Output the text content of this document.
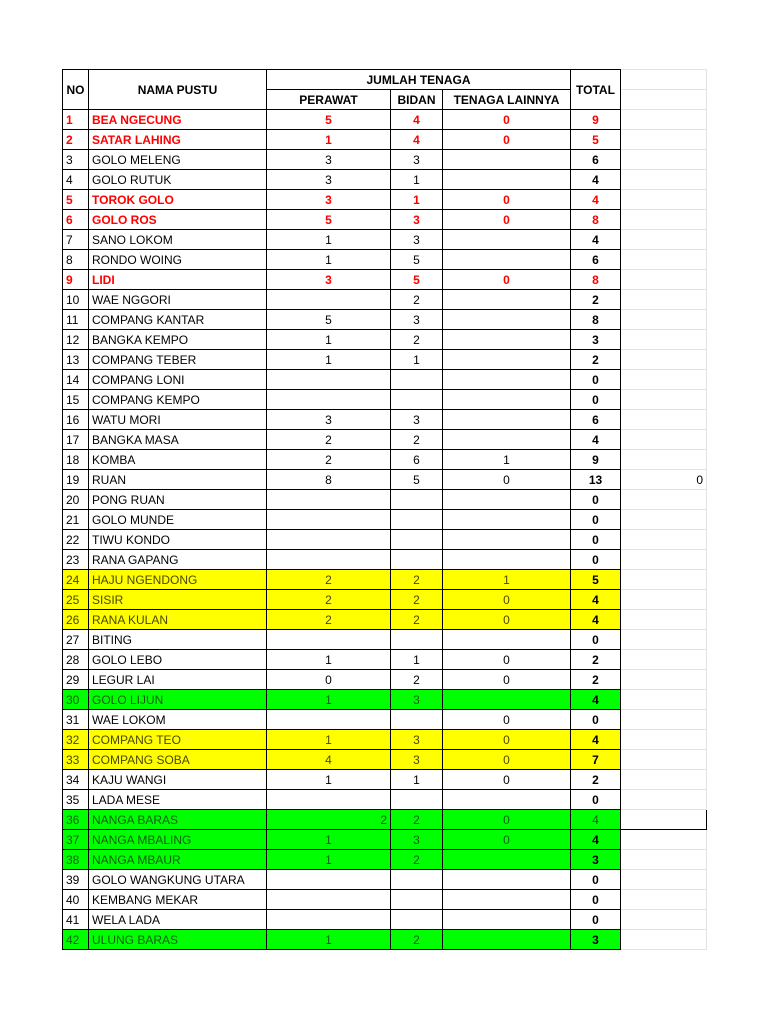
NO	NAMA PUSTU	JUMLAH TENAGA			TOTAL	
		PERAWAT	BIDAN	TENAGA LAINNYA		
1	BEA NGECUNG	5	4	0	9	
2	SATAR LAHING	1	4	0	5	
3	GOLO MELENG	3	3		6	
4	GOLO RUTUK	3	1		4	
5	TOROK GOLO	3	1	0	4	
6	GOLO ROS	5	3	0	8	
7	SANO LOKOM	1	3		4	
8	RONDO WOING	1	5		6	
9	LIDI	3	5	0	8	
10	WAE NGGORI		2		2	
11	COMPANG KANTAR	5	3		8	
12	BANGKA KEMPO	1	2		3	
13	COMPANG TEBER	1	1		2	
14	COMPANG LONI				0	
15	COMPANG KEMPO				0	
16	WATU MORI	3	3		6	
17	BANGKA MASA	2	2		4	
18	KOMBA	2	6	1	9	
19	RUAN	8	5	0	13	0
20	PONG RUAN				0	
21	GOLO MUNDE				0	
22	TIWU KONDO				0	
23	RANA GAPANG				0	
24	HAJU NGENDONG	2	2	1	5	
25	SISIR	2	2	0	4	
26	RANA KULAN	2	2	0	4	
27	BITING				0	
28	GOLO LEBO	1	1	0	2	
29	LEGUR LAI	0	2	0	2	
30	GOLO LIJUN	1	3		4	
31	WAE LOKOM			0	0	
32	COMPANG TEO	1	3	0	4	
33	COMPANG SOBA	4	3	0	7	
34	KAJU WANGI	1	1	0	2	
35	LADA MESE				0	
36	NANGA BARAS	2	2	0	4	
37	NANGA MBALING	1	3	0	4	
38	NANGA MBAUR	1	2		3	
39	GOLO WANGKUNG UTARA				0	
40	KEMBANG MEKAR				0	
41	WELA LADA				0	
42	ULUNG BARAS	1	2		3	
